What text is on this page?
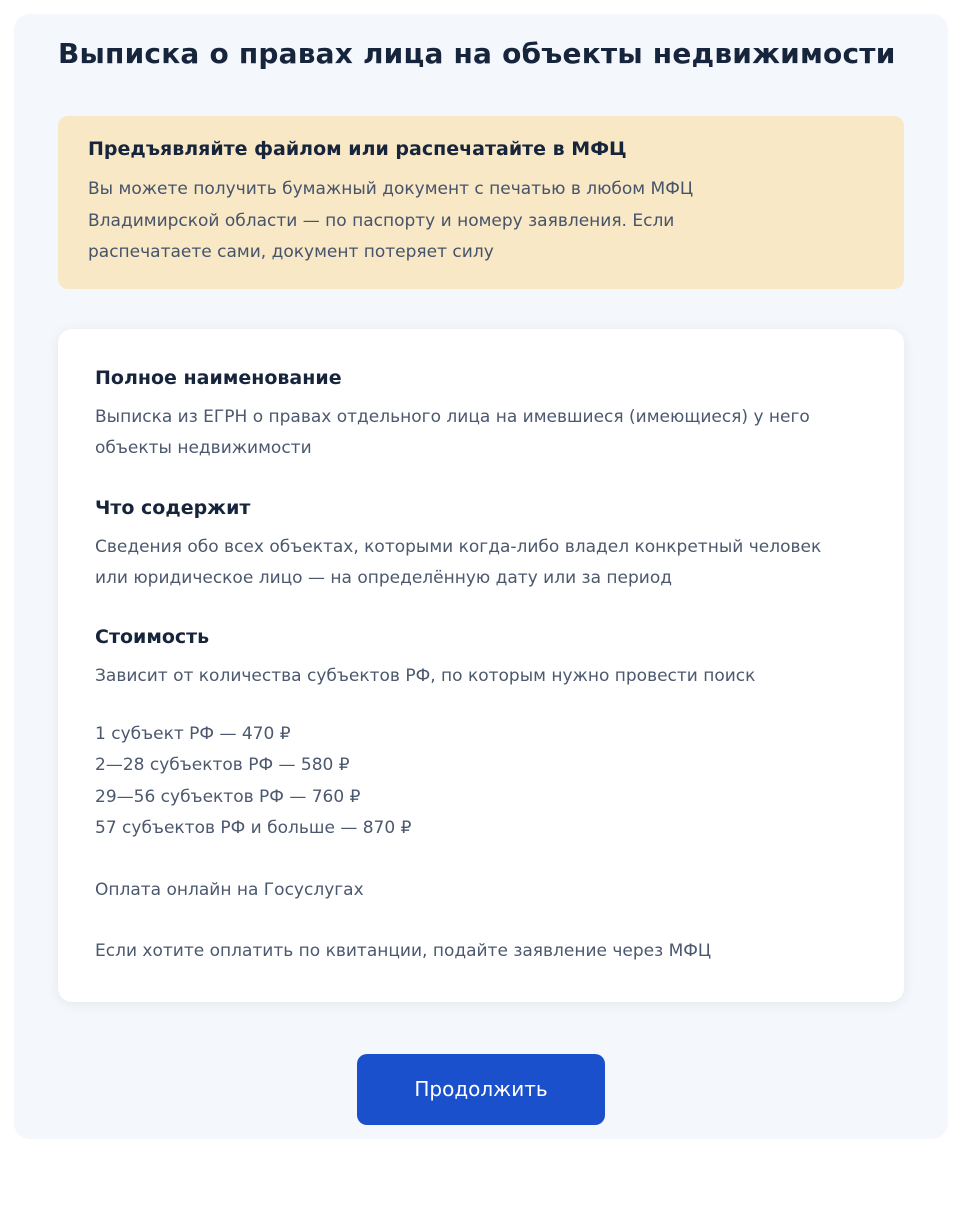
Выписка о правах лица на объекты недвижимости
Предъявляйте файлом или распечатайте в МФЦ

Вы можете получить бумажный документ с печатью в любом МФЦ Владимирской области — по паспорту и номеру заявления. Если распечатаете сами, документ потеряет силу

Полное наименование

Выписка из ЕГРН о правах отдельного лица на имевшиеся (имеющиеся) у него объекты недвижимости

Что содержит

Сведения обо всех объектах, которыми когда-либо владел конкретный человек или юридическое лицо — на определённую дату или за период

Стоимость

Зависит от количества субъектов РФ, по которым нужно провести поиск

1 субъект РФ — 470 ₽
2—28 субъектов РФ — 580 ₽
29—56 субъектов РФ — 760 ₽
57 субъектов РФ и больше — 870 ₽

Оплата онлайн на Госуслугах

Если хотите оплатить по квитанции, подайте заявление через МФЦ

Продолжить
